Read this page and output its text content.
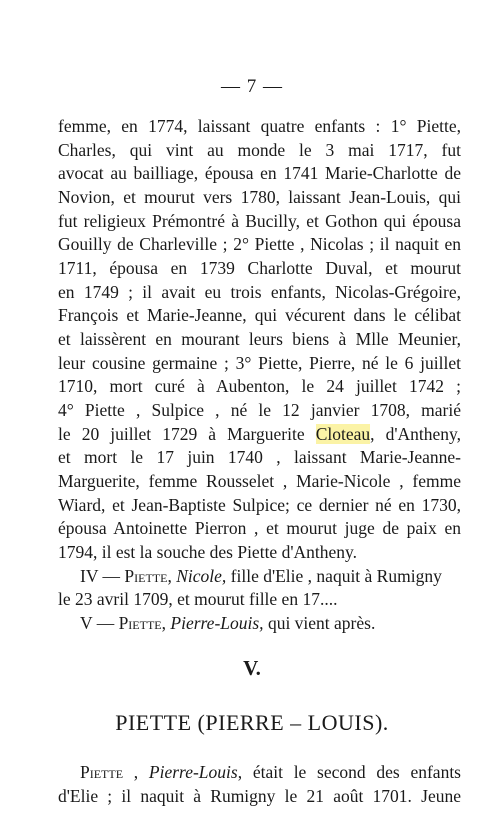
— 7 —
femme, en 1774, laissant quatre enfants : 1° Piette,
Charles, qui vint au monde le 3 mai 1717, fut
avocat au bailliage, épousa en 1741 Marie-Charlotte de
Novion, et mourut vers 1780, laissant Jean-Louis, qui
fut religieux Prémontré à Bucilly, et Gothon qui épousa
Gouilly de Charleville ; 2° Piette , Nicolas ; il naquit en
1711, épousa en 1739 Charlotte Duval, et mourut
en 1749 ; il avait eu trois enfants, Nicolas-Grégoire,
François et Marie-Jeanne, qui vécurent dans le célibat
et laissèrent en mourant leurs biens à Mlle Meunier,
leur cousine germaine ; 3° Piette, Pierre, né le 6 juillet
1710, mort curé à Aubenton, le 24 juillet 1742 ;
4° Piette , Sulpice , né le 12 janvier 1708, marié
le 20 juillet 1729 à Marguerite Cloteau, d'Antheny,
et mort le 17 juin 1740 , laissant Marie-Jeanne-
Marguerite, femme Rousselet , Marie-Nicole , femme
Wiard, et Jean-Baptiste Sulpice; ce dernier né en 1730,
épousa Antoinette Pierron , et mourut juge de paix en
1794, il est la souche des Piette d'Antheny.
IV — Piette, Nicole, fille d'Elie , naquit à Rumigny
le 23 avril 1709, et mourut fille en 17....
V — Piette, Pierre-Louis, qui vient après.
V.
PIETTE (PIERRE – LOUIS).
Piette , Pierre-Louis, était le second des enfants
d'Elie ; il naquit à Rumigny le 21 août 1701. Jeune
